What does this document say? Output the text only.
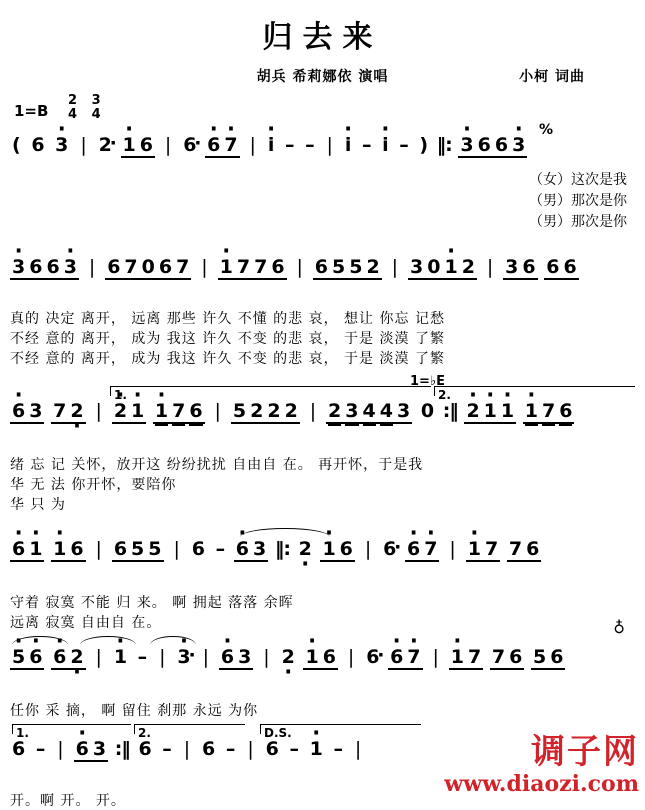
归去来
胡兵 希莉娜依 演唱	小柯 词曲
1=B
2
4

3
4
%
( 6 · 3 | 2 · · 1 6 | 6 · · 6 · 7 | · i – – | · i – · i – ) ‖: · 3 6 6 · 3
（女）这次是我
（男）那次是你
（男）那次是你
· 3 6 6 · 3 | 6 7 0 6 7 | · 1 7 7 6 | 6 5 5 2 | 3 0 · 1 2 | 3 6 6 6
真的 决定 离开， 远离 那些 许久 不懂 的悲 哀， 想让 你忘 记愁
不经 意的 离开， 成为 我这 许久 不变 的悲 哀， 于是 淡漠 了繁
不经 意的 离开， 成为 我这 许久 不变 的悲 哀， 于是 淡漠 了繁
1=♭E
1.	2.
· 6 3 7 2 · | · 2 · 1 · 1 7 6 | 5 2 2 2 | 2 3 4 4 3 0 :‖ · 2 · 1 · 1 · 1 7 6
绪 忘 记 关怀，放开这 纷纷扰扰 自由自 在。 再开怀，于是我
华 无 法 你开怀，要陪你
华 只 为
· 6 · 1 · 1 6 | 6 5 5 | 6 – · 6 3 ‖: 2 · · 1 6 | 6 · · 6 · 7 | · 1 7 7 6
守着 寂寞 不能 归 来。 啊 拥起 落落 余晖
远离 寂寞 自由自 在。	♁
· 5 · 6 · 6 2 · | · 1 – | · 3 · | · 6 3 | 2 · · 1 6 | 6 · · 6 · 7 | · 1 7 7 6 5 6
任你 采 摘， 啊 留住 刹那 永远 为你
1.	2.	D.S.
6 – | · 6 3 :‖ 6 – | 6 – | 6 – · 1 – |
开。啊 开。 开。
调子网
www.diaozi.com
